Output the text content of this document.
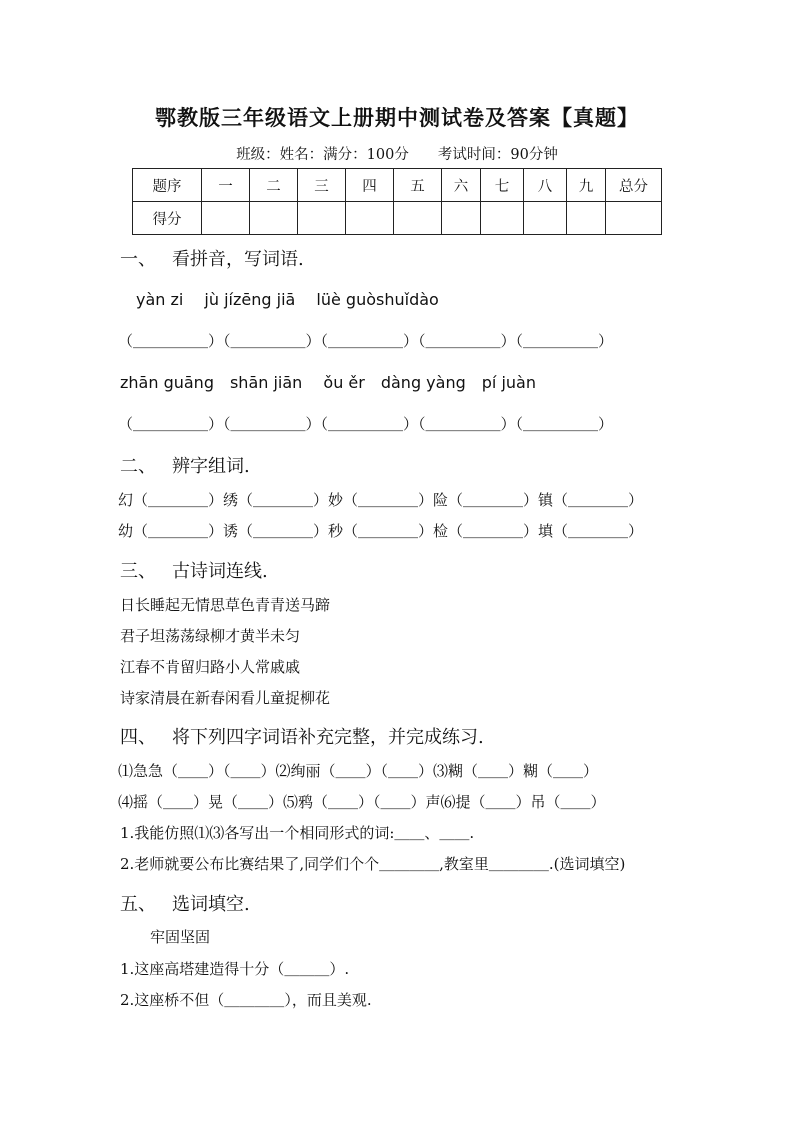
鄂教版三年级语文上册期中测试卷及答案【真题】
班级：姓名：满分：100分　　考试时间：90分钟
题序	一	二	三	四	五	六	七	八	九	总分
得分										
一、 看拼音，写词语.
yàn zi　 jù jízēng jiā　 lüè guòshuǐdào
（＿＿＿＿＿）（＿＿＿＿＿）（＿＿＿＿＿）（＿＿＿＿＿）（＿＿＿＿＿）
zhān guāng　shān jiān　 ǒu ěr　dàng yàng　pí juàn
（＿＿＿＿＿）（＿＿＿＿＿）（＿＿＿＿＿）（＿＿＿＿＿）（＿＿＿＿＿）
二、 辨字组词.
幻（＿＿＿＿）绣（＿＿＿＿）妙（＿＿＿＿）险（＿＿＿＿）镇（＿＿＿＿）
幼（＿＿＿＿）诱（＿＿＿＿）秒（＿＿＿＿）检（＿＿＿＿）填（＿＿＿＿）
三、 古诗词连线.
日长睡起无情思草色青青送马蹄
君子坦荡荡绿柳才黄半未匀
江春不肯留归路小人常戚戚
诗家清晨在新春闲看儿童捉柳花
四、 将下列四字词语补充完整，并完成练习.
⑴急急（＿＿）（＿＿）⑵绚丽（＿＿）（＿＿）⑶糊（＿＿）糊（＿＿）
⑷摇（＿＿）晃（＿＿）⑸鸦（＿＿）（＿＿）声⑹提（＿＿）吊（＿＿）
1.我能仿照⑴⑶各写出一个相同形式的词:＿＿、＿＿.
2.老师就要公布比赛结果了,同学们个个＿＿＿＿,教室里＿＿＿＿.(选词填空)
五、 选词填空.
牢固坚固
1.这座高塔建造得十分（＿＿＿）.
2.这座桥不但（＿＿＿＿），而且美观.
